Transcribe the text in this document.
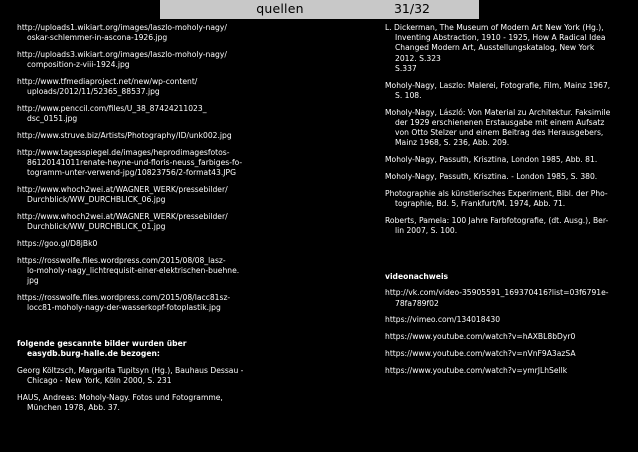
quellen	31/32
http://uploads1.wikiart.org/images/laszlo-moholy-nagy/
oskar-schlemmer-in-ascona-1926.jpg
http://uploads3.wikiart.org/images/laszlo-moholy-nagy/
composition-z-viii-1924.jpg
http://www.tfmediaproject.net/new/wp-content/
uploads/2012/11/52365_88537.jpg
http://www.penccil.com/files/U_38_87424211023_
dsc_0151.jpg
http://www.struve.biz/Artists/Photography/ID/unk002.jpg
http://www.tagesspiegel.de/images/heprodimagesfotos-
86120141011renate-heyne-und-floris-neuss_farbiges-fo-
togramm-unter-verwend-jpg/10823756/2-format43.JPG
http://www.whoch2wei.at/WAGNER_WERK/pressebilder/
Durchblick/WW_DURCHBLICK_06.jpg
http://www.whoch2wei.at/WAGNER_WERK/pressebilder/
Durchblick/WW_DURCHBLICK_01.jpg
https://goo.gl/D8jBk0
https://rosswolfe.files.wordpress.com/2015/08/08_lasz-
lo-moholy-nagy_lichtrequisit-einer-elektrischen-buehne.
jpg
https://rosswolfe.files.wordpress.com/2015/08/lacc81sz-
locc81-moholy-nagy-der-wasserkopf-fotoplastik.jpg
folgende gescannte bilder wurden über
easydb.burg-halle.de bezogen:
Georg Költzsch, Margarita Tupitsyn (Hg.), Bauhaus Dessau -
Chicago - New York, Köln 2000, S. 231
HAUS, Andreas: Moholy-Nagy. Fotos und Fotogramme,
München 1978, Abb. 37.
L. Dickerman, The Museum of Modern Art New York (Hg.),
Inventing Abstraction, 1910 - 1925, How A Radical Idea
Changed Modern Art, Ausstellungskatalog, New York
2012. S.323
S.337
Moholy-Nagy, Laszlo: Malerei, Fotografie, Film, Mainz 1967,
S. 108.
Moholy-Nagy, László: Von Material zu Architektur. Faksimile
der 1929 erschienenen Erstausgabe mit einem Aufsatz
von Otto Stelzer und einem Beitrag des Herausgebers,
Mainz 1968, S. 236, Abb. 209.
Moholy-Nagy, Passuth, Krisztina, London 1985, Abb. 81.
Moholy-Nagy, Passuth, Krisztina. - London 1985, S. 380.
Photographie als künstlerisches Experiment, Bibl. der Pho-
tographie, Bd. 5, Frankfurt/M. 1974, Abb. 71.
Roberts, Pamela: 100 Jahre Farbfotografie, (dt. Ausg.), Ber-
lin 2007, S. 100.
videonachweis
http://vk.com/video-35905591_169370416?list=03f6791e-
78fa789f02
https://vimeo.com/134018430
https://www.youtube.com/watch?v=hAXBL8bDyr0
https://www.youtube.com/watch?v=nVnF9A3azSA
https://www.youtube.com/watch?v=ymrJLhSellk
